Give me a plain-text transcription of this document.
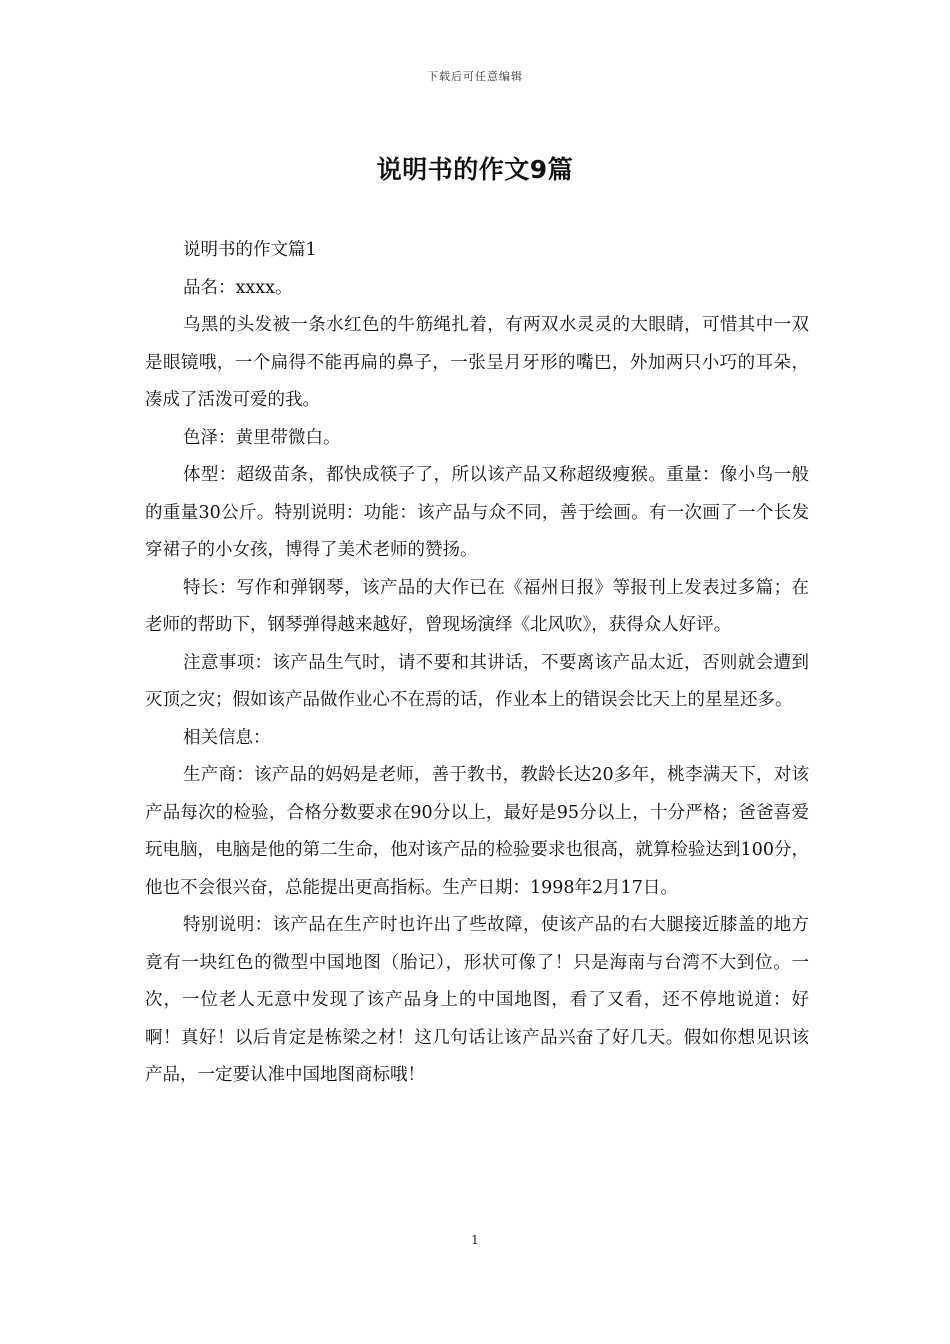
下载后可任意编辑
说明书的作文9篇

说明书的作文篇1

品名：xxxx。

乌黑的头发被一条水红色的牛筋绳扎着，有两双水灵灵的大眼睛，可惜其中一双是眼镜哦，一个扁得不能再扁的鼻子，一张呈月牙形的嘴巴，外加两只小巧的耳朵，凑成了活泼可爱的我。

色泽：黄里带微白。

体型：超级苗条，都快成筷子了，所以该产品又称超级瘦猴。重量：像小鸟一般的重量30公斤。特别说明：功能：该产品与众不同，善于绘画。有一次画了一个长发穿裙子的小女孩，博得了美术老师的赞扬。

特长：写作和弹钢琴，该产品的大作已在《福州日报》等报刊上发表过多篇；在老师的帮助下，钢琴弹得越来越好，曾现场演绎《北风吹》，获得众人好评。

注意事项：该产品生气时，请不要和其讲话，不要离该产品太近，否则就会遭到灭顶之灾；假如该产品做作业心不在焉的话，作业本上的错误会比天上的星星还多。

相关信息：

生产商：该产品的妈妈是老师，善于教书，教龄长达20多年，桃李满天下，对该产品每次的检验，合格分数要求在90分以上，最好是95分以上，十分严格；爸爸喜爱玩电脑，电脑是他的第二生命，他对该产品的检验要求也很高，就算检验达到100分，他也不会很兴奋，总能提出更高指标。生产日期：1998年2月17日。

特别说明：该产品在生产时也许出了些故障，使该产品的右大腿接近膝盖的地方竟有一块红色的微型中国地图（胎记），形状可像了！只是海南与台湾不大到位。一次，一位老人无意中发现了该产品身上的中国地图，看了又看，还不停地说道：好啊！真好！以后肯定是栋梁之材！这几句话让该产品兴奋了好几天。假如你想见识该产品，一定要认准中国地图商标哦！

1
